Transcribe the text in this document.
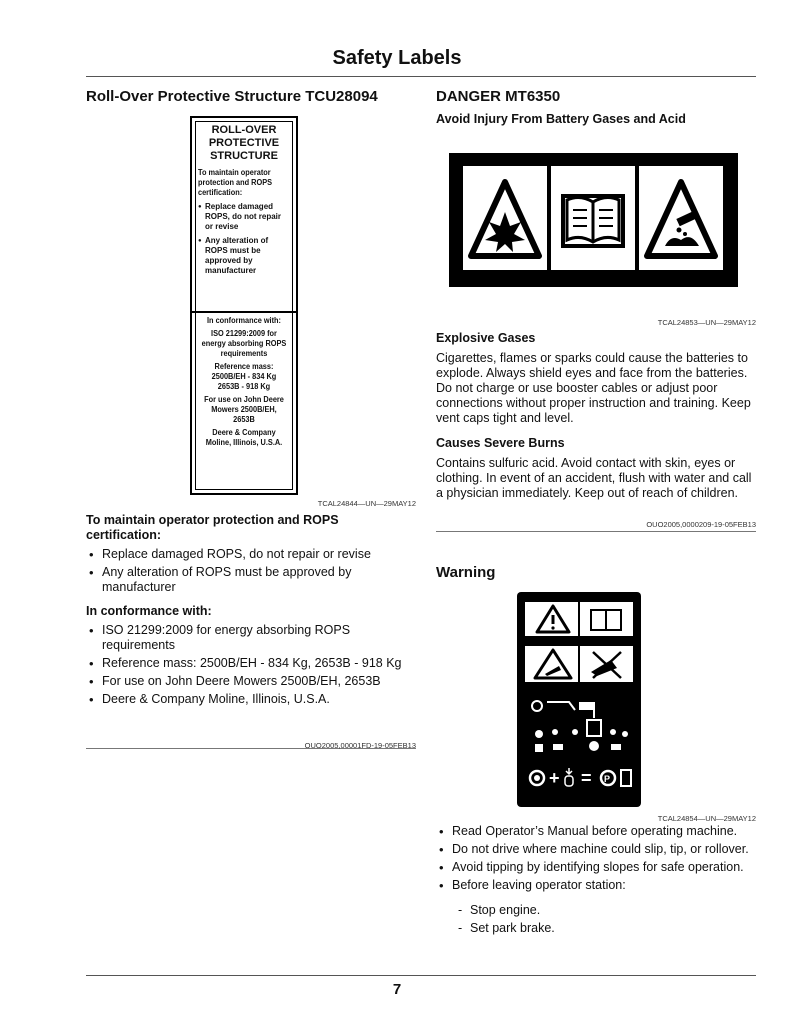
Safety Labels
Roll-Over Protective Structure TCU28094
ROLL-OVER
PROTECTIVE
STRUCTURE
To maintain operator protection and ROPS certification:
● Replace damaged ROPS, do not repair or revise
● Any alteration of ROPS must be approved by manufacturer
In conformance with:
ISO 21299:2009 for energy absorbing ROPS requirements
Reference mass: 2500B/EH - 834 Kg 2653B - 918 Kg
For use on John Deere Mowers 2500B/EH, 2653B
Deere & Company Moline, Illinois, U.S.A.
TCAL24844—UN—29MAY12
To maintain operator protection and ROPS certification:
• Replace damaged ROPS, do not repair or revise
• Any alteration of ROPS must be approved by manufacturer
In conformance with:
• ISO 21299:2009 for energy absorbing ROPS requirements
• Reference mass: 2500B/EH - 834 Kg, 2653B - 918 Kg
• For use on John Deere Mowers 2500B/EH, 2653B
• Deere & Company Moline, Illinois, U.S.A.
OUO2005,00001FD-19-05FEB13
DANGER MT6350
Avoid Injury From Battery Gases and Acid
TCAL24853—UN—29MAY12
Explosive Gases

Cigarettes, flames or sparks could cause the batteries to explode. Always shield eyes and face from the batteries. Do not charge or use booster cables or adjust poor connections without proper instruction and training. Keep vent caps tight and level.

Causes Severe Burns

Contains sulfuric acid. Avoid contact with skin, eyes or clothing. In event of an accident, flush with water and call a physician immediately. Keep out of reach of children.

OUO2005,0000209-19-05FEB13
Warning
+ = P
TCAL24854—UN—29MAY12
• Read Operator’s Manual before operating machine.
• Do not drive where machine could slip, tip, or rollover.
• Avoid tipping by identifying slopes for safe operation.
• Before leaving operator station:
- Stop engine.
- Set park brake.
7
